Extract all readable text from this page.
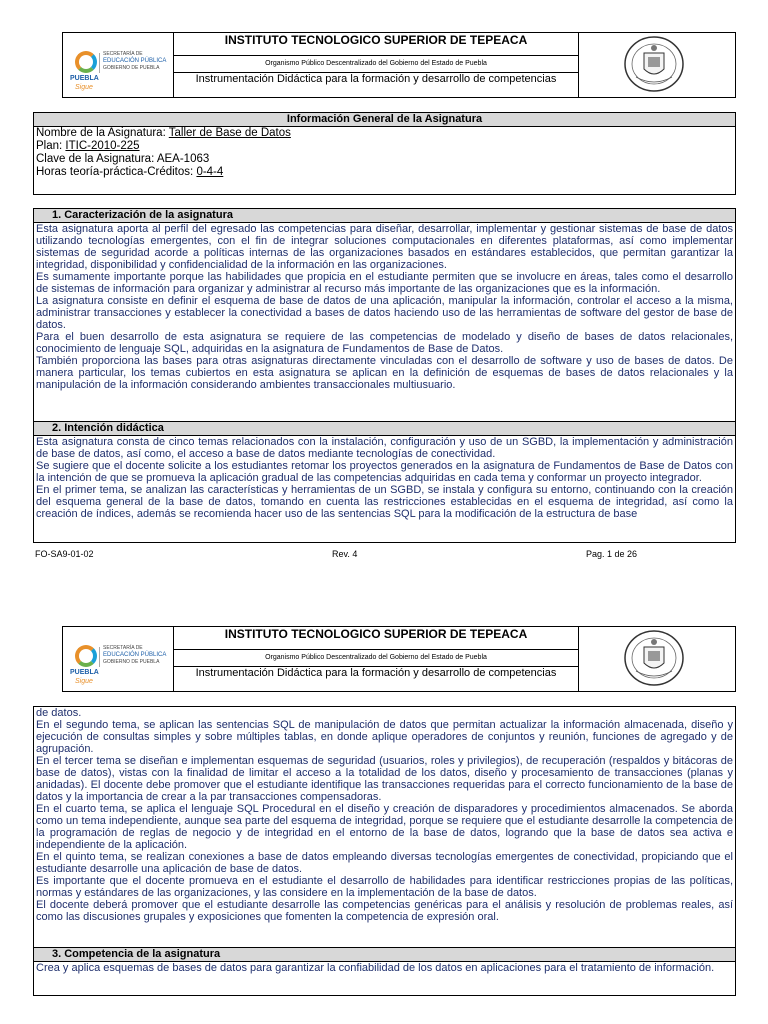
SECRETARÍA DE
EDUCACIÓN PÚBLICA
GOBIERNO DE PUEBLA
PUEBLA
Sigue
INSTITUTO TECNOLOGICO SUPERIOR DE TEPEACA
Organismo Público Descentralizado del Gobierno del Estado de Puebla
Instrumentación Didáctica para la formación y desarrollo de competencias
Información General de la Asignatura
Nombre de la Asignatura: Taller de Base de Datos
Plan: ITIC-2010-225
Clave de la Asignatura: AEA-1063
Horas teoría-práctica-Créditos: 0-4-4
1. Caracterización de la asignatura

Esta asignatura aporta al perfil del egresado las competencias para diseñar, desarrollar, implementar y gestionar sistemas de base de datos utilizando tecnologías emergentes, con el fin de integrar soluciones computacionales en diferentes plataformas, así como implementar sistemas de seguridad acorde a políticas internas de las organizaciones basados en estándares establecidos, que permitan garantizar la integridad, disponibilidad y confidencialidad de la información en las organizaciones.

Es sumamente importante porque las habilidades que propicia en el estudiante permiten que se involucre en áreas, tales como el desarrollo de sistemas de información para organizar y administrar al recurso más importante de las organizaciones que es la información.

La asignatura consiste en definir el esquema de base de datos de una aplicación, manipular la información, controlar el acceso a la misma, administrar transacciones y establecer la conectividad a bases de datos haciendo uso de las herramientas de software del gestor de base de datos.

Para el buen desarrollo de esta asignatura se requiere de las competencias de modelado y diseño de bases de datos relacionales, conocimiento de lenguaje SQL, adquiridas en la asignatura de Fundamentos de Base de Datos.

También proporciona las bases para otras asignaturas directamente vinculadas con el desarrollo de software y uso de bases de datos. De manera particular, los temas cubiertos en esta asignatura se aplican en la definición de esquemas de bases de datos relacionales y la manipulación de la información considerando ambientes transaccionales multiusuario.

2. Intención didáctica

Esta asignatura consta de cinco temas relacionados con la instalación, configuración y uso de un SGBD, la implementación y administración de base de datos, así como, el acceso a base de datos mediante tecnologías de conectividad.

Se sugiere que el docente solicite a los estudiantes retomar los proyectos generados en la asignatura de Fundamentos de Base de Datos con la intención de que se promueva la aplicación gradual de las competencias adquiridas en cada tema y conformar un proyecto integrador.

En el primer tema, se analizan las características y herramientas de un SGBD, se instala y configura su entorno, continuando con la creación del esquema general de la base de datos, tomando en cuenta las restricciones establecidas en el esquema de integridad, así como la creación de índices, además se recomienda hacer uso de las sentencias SQL para la modificación de la estructura de base

FO-SA9-01-02	Rev. 4	Pag. 1 de 26
SECRETARÍA DE
EDUCACIÓN PÚBLICA
GOBIERNO DE PUEBLA
PUEBLA
Sigue
INSTITUTO TECNOLOGICO SUPERIOR DE TEPEACA
Organismo Público Descentralizado del Gobierno del Estado de Puebla
Instrumentación Didáctica para la formación y desarrollo de competencias

de datos.

En el segundo tema, se aplican las sentencias SQL de manipulación de datos que permitan actualizar la información almacenada, diseño y ejecución de consultas simples y sobre múltiples tablas, en donde aplique operadores de conjuntos y reunión, funciones de agregado y de agrupación.

En el tercer tema se diseñan e implementan esquemas de seguridad (usuarios, roles y privilegios), de recuperación (respaldos y bitácoras de base de datos), vistas con la finalidad de limitar el acceso a la totalidad de los datos, diseño y procesamiento de transacciones (planas y anidadas). El docente debe promover que el estudiante identifique las transacciones requeridas para el correcto funcionamiento de la base de datos y la importancia de crear a la par transacciones compensadoras.

En el cuarto tema, se aplica el lenguaje SQL Procedural en el diseño y creación de disparadores y procedimientos almacenados. Se aborda como un tema independiente, aunque sea parte del esquema de integridad, porque se requiere que el estudiante desarrolle la competencia de la programación de reglas de negocio y de integridad en el entorno de la base de datos, logrando que la base de datos sea activa e independiente de la aplicación.

En el quinto tema, se realizan conexiones a base de datos empleando diversas tecnologías emergentes de conectividad, propiciando que el estudiante desarrolle una aplicación de base de datos.

Es importante que el docente promueva en el estudiante el desarrollo de habilidades para identificar restricciones propias de las políticas, normas y estándares de las organizaciones, y las considere en la implementación de la base de datos.

El docente deberá promover que el estudiante desarrolle las competencias genéricas para el análisis y resolución de problemas reales, así como las discusiones grupales y exposiciones que fomenten la competencia de expresión oral.

3. Competencia de la asignatura

Crea y aplica esquemas de bases de datos para garantizar la confiabilidad de los datos en aplicaciones para el tratamiento de información.
